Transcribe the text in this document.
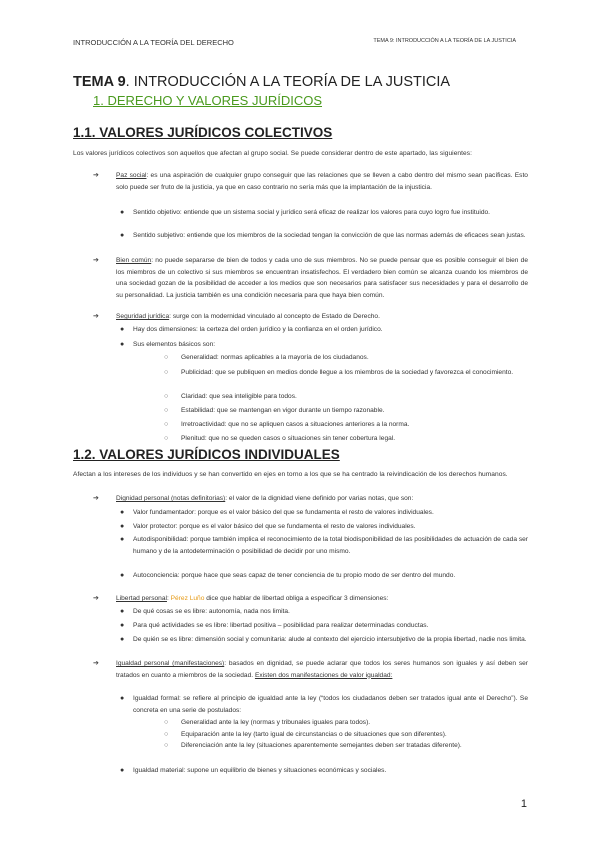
INTRODUCCIÓN A LA TEORÍA DEL DERECHO	TEMA 9: INTRODUCCIÓN A LA TEORÍA DE LA JUSTICIA
TEMA 9. INTRODUCCIÓN A LA TEORÍA DE LA JUSTICIA
1. DERECHO Y VALORES JURÍDICOS
1.1. VALORES JURÍDICOS COLECTIVOS
Los valores jurídicos colectivos son aquellos que afectan al grupo social. Se puede considerar dentro de este apartado, las siguientes:
➔	Paz social: es una aspiración de cualquier grupo conseguir que las relaciones que se lleven a cabo dentro del mismo sean pacíficas. Esto solo puede ser fruto de la justicia, ya que en caso contrario no sería más que la implantación de la injusticia.
● Sentido objetivo: entiende que un sistema social y jurídico será eficaz de realizar los valores para cuyo logro fue instituido.
● Sentido subjetivo: entiende que los miembros de la sociedad tengan la convicción de que las normas además de eficaces sean justas.
➔	Bien común: no puede separarse de bien de todos y cada uno de sus miembros. No se puede pensar que es posible conseguir el bien de los miembros de un colectivo si sus miembros se encuentran insatisfechos. El verdadero bien común se alcanza cuando los miembros de una sociedad gozan de la posibilidad de acceder a los medios que son necesarios para satisfacer sus necesidades y para el desarrollo de su personalidad. La justicia también es una condición necesaria para que haya bien común.
➔	Seguridad jurídica: surge con la modernidad vinculado al concepto de Estado de Derecho.
● Hay dos dimensiones: la certeza del orden jurídico y la confianza en el orden jurídico.
● Sus elementos básicos son:
○ Generalidad: normas aplicables a la mayoría de los ciudadanos.
○ Publicidad: que se publiquen en medios donde llegue a los miembros de la sociedad y favorezca el conocimiento.
○ Claridad: que sea inteligible para todos.
○ Estabilidad: que se mantengan en vigor durante un tiempo razonable.
○ Irretroactividad: que no se apliquen casos a situaciones anteriores a la norma.
○ Plenitud: que no se queden casos o situaciones sin tener cobertura legal.
1.2. VALORES JURÍDICOS INDIVIDUALES
Afectan a los intereses de los individuos y se han convertido en ejes en torno a los que se ha centrado la reivindicación de los derechos humanos.
➔	Dignidad personal (notas definitorias): el valor de la dignidad viene definido por varias notas, que son:
● Valor fundamentador: porque es el valor básico del que se fundamenta el resto de valores individuales.
● Valor protector: porque es el valor básico del que se fundamenta el resto de valores individuales.
● Autodisponibilidad: porque también implica el reconocimiento de la total biodisponibilidad de las posibilidades de actuación de cada ser humano y de la antodeterminación o posibilidad de decidir por uno mismo.
● Autoconciencia: porque hace que seas capaz de tener conciencia de tu propio modo de ser dentro del mundo.
➔	Libertad personal: Pérez Luño dice que hablar de libertad obliga a especificar 3 dimensiones:
● De qué cosas se es libre: autonomía, nada nos limita.
● Para qué actividades se es libre: libertad positiva – posibilidad para realizar determinadas conductas.
● De quién se es libre: dimensión social y comunitaria: alude al contexto del ejercicio intersubjetivo de la propia libertad, nadie nos limita.
➔	Igualdad personal (manifestaciones): basados en dignidad, se puede aclarar que todos los seres humanos son iguales y así deben ser tratados en cuanto a miembros de la sociedad. Existen dos manifestaciones de valor igualdad:
● Igualdad formal: se refiere al principio de igualdad ante la ley (“todos los ciudadanos deben ser tratados igual ante el Derecho”). Se concreta en una serie de postulados:
○ Generalidad ante la ley (normas y tribunales iguales para todos).
○ Equiparación ante la ley (tarto igual de circunstancias o de situaciones que son diferentes).
○ Diferenciación ante la ley (situaciones aparentemente semejantes deben ser tratadas diferente).
● Igualdad material: supone un equilibrio de bienes y situaciones económicas y sociales.
1
